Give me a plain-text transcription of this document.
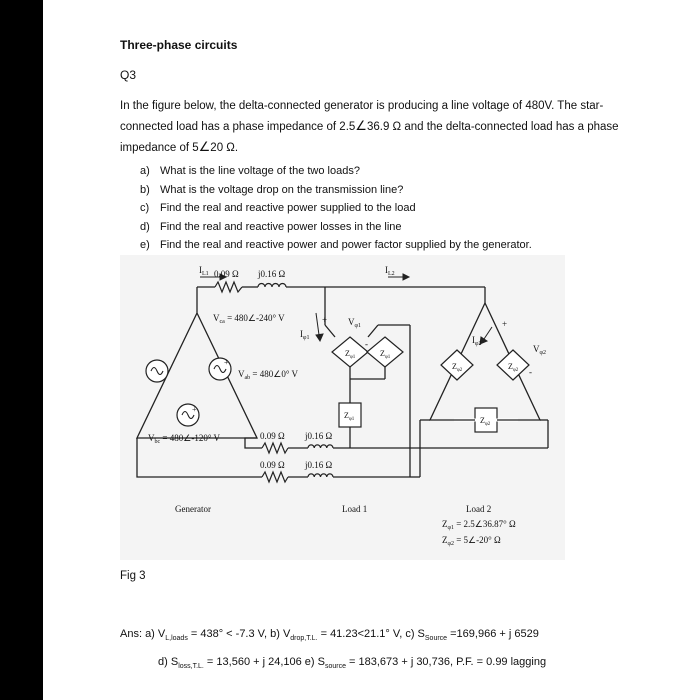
Three-phase circuits
Q3
In the figure below, the delta-connected generator is producing a line voltage of 480V. The star-
connected load has a phase impedance of 2.5∠36.9 Ω and the delta-connected load has a phase
impedance of 5∠20 Ω.
a) What is the line voltage of the two loads?
b) What is the voltage drop on the transmission line?
c) Find the real and reactive power supplied to the load
d) Find the real and reactive power losses in the line
e) Find the real and reactive power and power factor supplied by the generator.
+
+
$I_{L1}$	$I_{L2}$
0.09 Ω j0.16 Ω
0.09 Ω j0.16 Ω
0.09 Ω j0.16 Ω
$V_{ca}$ = 480∠-240° V
$V_{ab}$ = 480∠0° V
$V_{bc}$ = 480∠-120° V
$I_{\varphi 1}$
$V_{\varphi 1}$
+
-
$Z_{\varphi 1}$	$Z_{\varphi 1}$
$Z_{\varphi 1}$
$I_{\varphi 2}$	$V_{\varphi 2}$
+
-
$Z_{\varphi 2}$	$Z_{\varphi 2}$
$Z_{\varphi 2}$
Generator	Load 1	Load 2
$Z_{\varphi 1}$ = 2.5∠36.87° Ω
$Z_{\varphi 2}$ = 5∠-20° Ω
Fig 3
Ans: a) $V_{L,loads} = 438^\circ < -7.3$ V, b) $V_{drop,T.L.} = 41.23<21.1^\circ$ V, c) $S_{Source} =169,966 + j$ 6529
d) $S_{loss,T.L.} = 13,560 + j$ 24,106 e) $S_{source} = 183,673 + j$ 30,736, P.F. = 0.99 lagging
